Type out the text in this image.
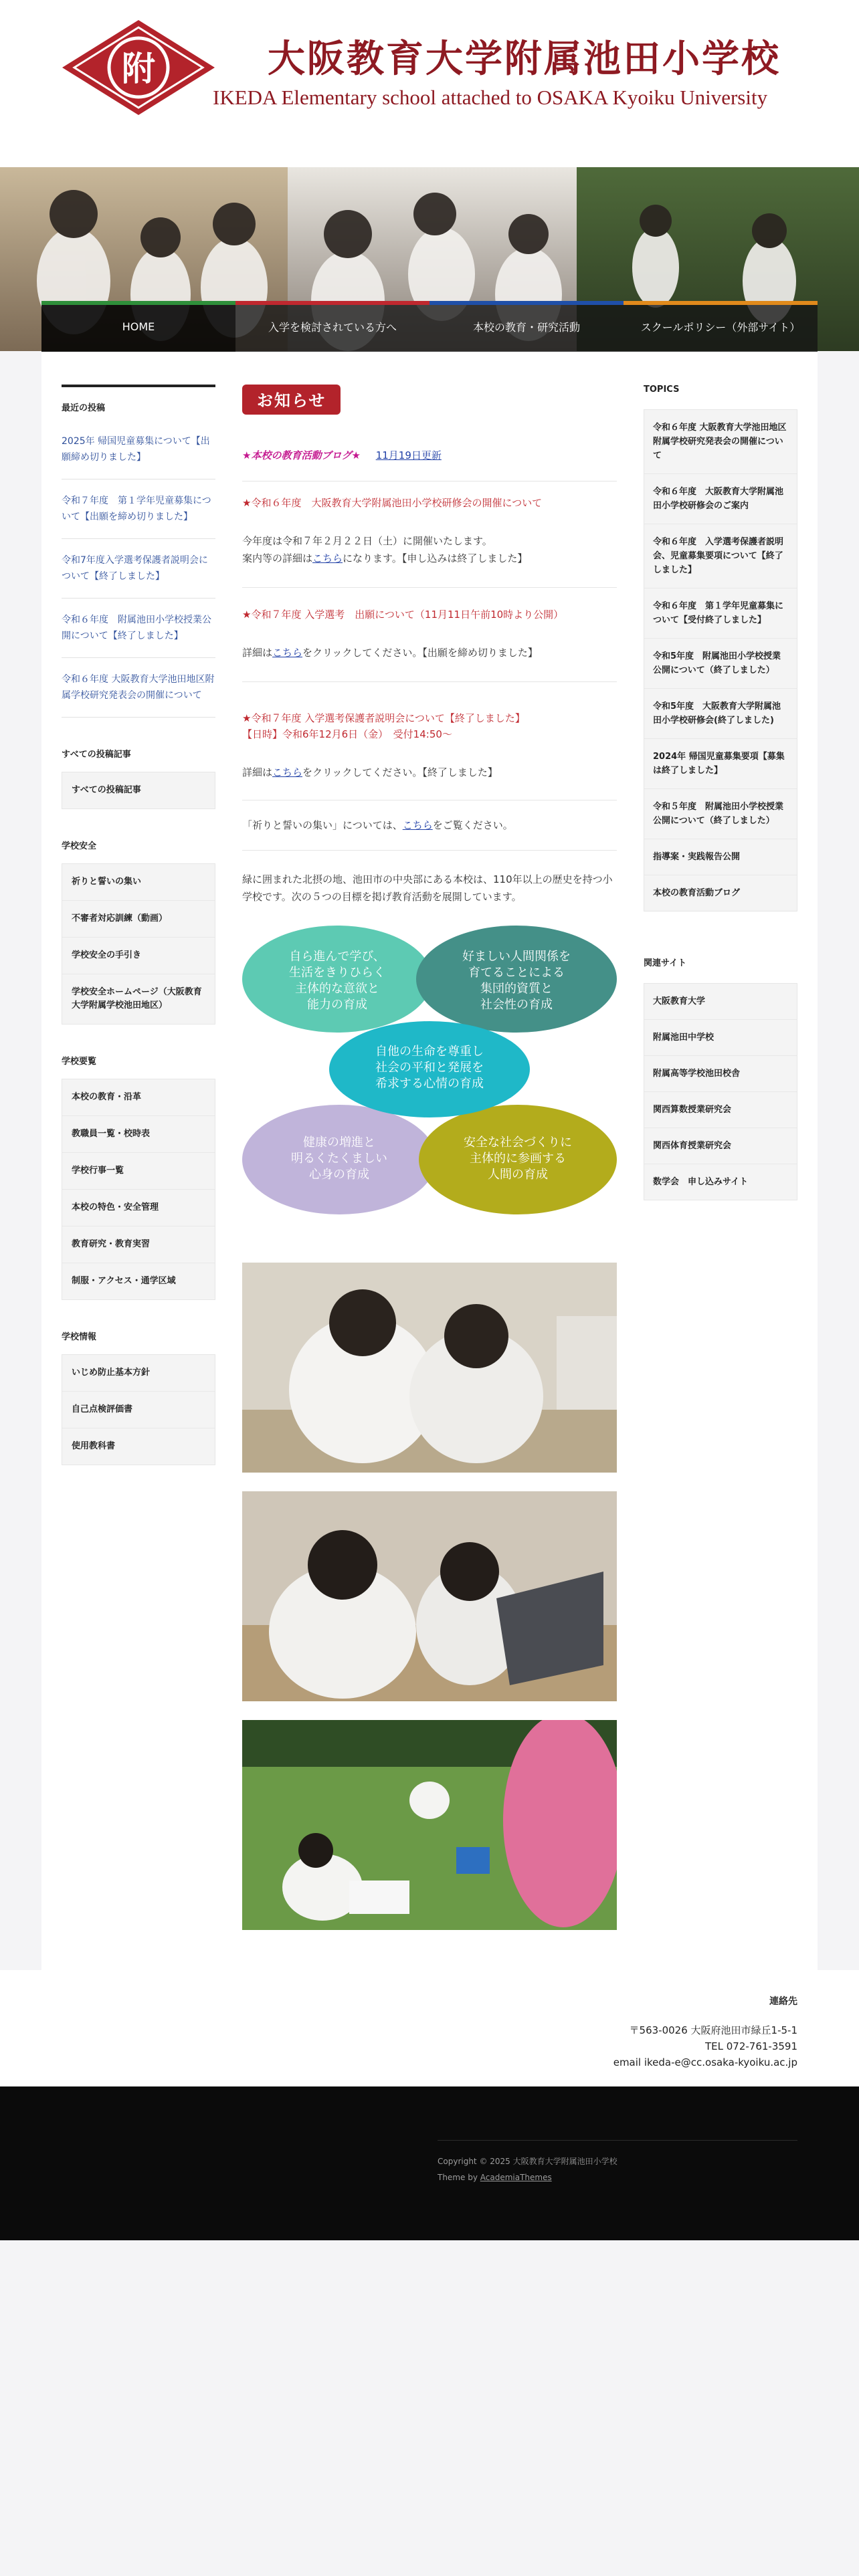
附	大阪教育大学附属池田小学校
IKEDA Elementary school attached to OSAKA Kyoiku University
HOME	入学を検討されている方へ	本校の教育・研究活動	スクールポリシー（外部サイト）
最近の投稿
2025年 帰国児童募集について【出願締め切りました】
令和７年度　第１学年児童募集について【出願を締め切りました】
令和7年度入学選考保護者説明会について【終了しました】
令和６年度　附属池田小学校授業公開について【終了しました】
令和６年度 大阪教育大学池田地区附属学校研究発表会の開催について
すべての投稿記事
すべての投稿記事
学校安全
祈りと誓いの集い
不審者対応訓練（動画）
学校安全の手引き
学校安全ホームページ（大阪教育大学附属学校池田地区）
学校要覧
本校の教育・沿革
教職員一覧・校時表
学校行事一覧
本校の特色・安全管理
教育研究・教育実習
制服・アクセス・通学区域
学校情報
いじめ防止基本方針
自己点検評価書
使用教科書
お知らせ
★本校の教育活動ブログ★ 11月19日更新
★令和６年度　大阪教育大学附属池田小学校研修会の開催について
今年度は令和７年２月２２日（土）に開催いたします。
案内等の詳細はこちらになります。【申し込みは終了しました】
★令和７年度 入学選考　出願について（11月11日午前10時より公開）
詳細はこちらをクリックしてください。【出願を締め切りました】
★令和７年度 入学選考保護者説明会について【終了しました】
【日時】令和6年12月6日（金）　受付14:50～
詳細はこちらをクリックしてください。【終了しました】
「祈りと誓いの集い」については、こちらをご覧ください。
緑に囲まれた北摂の地、池田市の中央部にある本校は、110年以上の歴史を持つ小学校です。次の５つの目標を掲げ教育活動を展開しています。
自ら進んで学び、
生活をきりひらく
主体的な意欲と
能力の育成
好ましい人間関係を
育てることによる
集団的資質と
社会性の育成
健康の増進と
明るくたくましい
心身の育成
安全な社会づくりに
主体的に参画する
人間の育成
自他の生命を尊重し
社会の平和と発展を
希求する心情の育成
TOPICS
令和６年度 大阪教育大学池田地区附属学校研究発表会の開催について
令和６年度　大阪教育大学附属池田小学校研修会のご案内
令和６年度　入学選考保護者説明会、児童募集要項について【終了しました】
令和６年度　第１学年児童募集について【受付終了しました】
令和5年度　附属池田小学校授業公開について（終了しました）
令和5年度　大阪教育大学附属池田小学校研修会(終了しました)
2024年 帰国児童募集要項【募集は終了しました】
令和５年度　附属池田小学校授業公開について（終了しました）
指導案・実践報告公開
本校の教育活動ブログ
関連サイト
大阪教育大学
附属池田中学校
附属高等学校池田校舎
関西算数授業研究会
関西体育授業研究会
数学会　申し込みサイト
連絡先
〒563-0026 大阪府池田市緑丘1-5-1
TEL 072-761-3591
email ikeda-e@cc.osaka-kyoiku.ac.jp
Copyright © 2025 大阪教育大学附属池田小学校
Theme by AcademiaThemes
